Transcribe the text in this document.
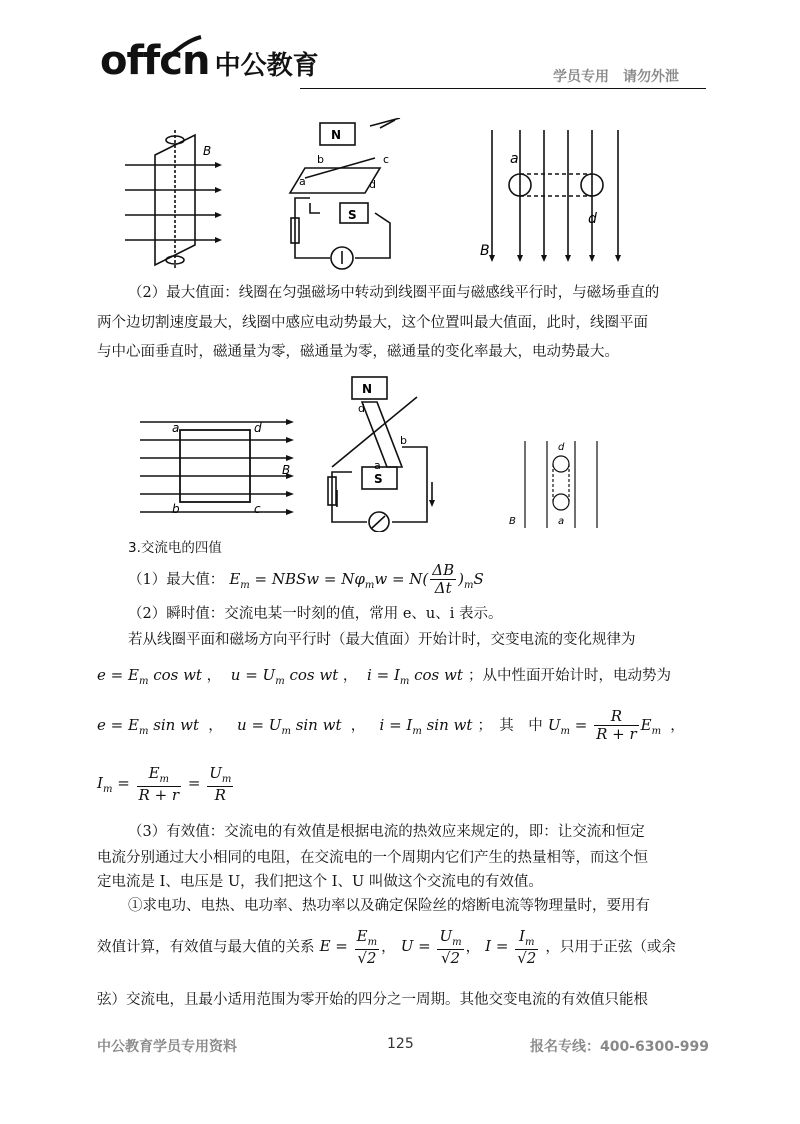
offcn 中公教育	学员专用　请勿外泄
B
N
S
a
b	c
d
a
d
B
（2）最大值面：线圈在匀强磁场中转动到线圈平面与磁感线平行时，与磁场垂直的
两个边切割速度最大，线圈中感应电动势最大，这个位置叫最大值面，此时，线圈平面
与中心面垂直时，磁通量为零，磁通量为零，磁通量的变化率最大，电动势最大。
a	d
b	c
B
N
S
a
b
d
d
a
B
3.交流电的四值
（1）最大值： $E_m$ = NBSw = $N\varphi_mw = N( \frac{\Delta B}{\Delta t} )_mS$
（2）瞬时值：交流电某一时刻的值，常用 e、u、i 表示。
若从线圈平面和磁场方向平行时（最大值面）开始计时，交变电流的变化规律为
$e = E_m$ cos wt ，  $u = U_m$ cos wt ，  $i = I_m$ cos wt ；从中性面开始计时，电动势为
$e = E_m$ sin wt  ，   $u = U_m$ sin wt  ，   $i = I_m$ sin wt ；　其　中 $U_m = \frac{R}{R + r} E_m$  ，
$I_m = \frac{E_m}{R + r} = \frac{U_m}{R}$
（3）有效值：交流电的有效值是根据电流的热效应来规定的，即：让交流和恒定
电流分别通过大小相同的电阻，在交流电的一个周期内它们产生的热量相等，而这个恒
定电流是 I、电压是 U，我们把这个 I、U 叫做这个交流电的有效值。
①求电功、电热、电功率、热功率以及确定保险丝的熔断电流等物理量时，要用有
效值计算，有效值与最大值的关系 $E = \frac{E_m}{√2}$ ， $U = \frac{U_m}{√2}$ ， $I = \frac{I_m}{√2}$ ，只用于正弦（或余
弦）交流电，且最小适用范围为零开始的四分之一周期。其他交变电流的有效值只能根
中公教育学员专用资料	125	报名专线：400-6300-999
